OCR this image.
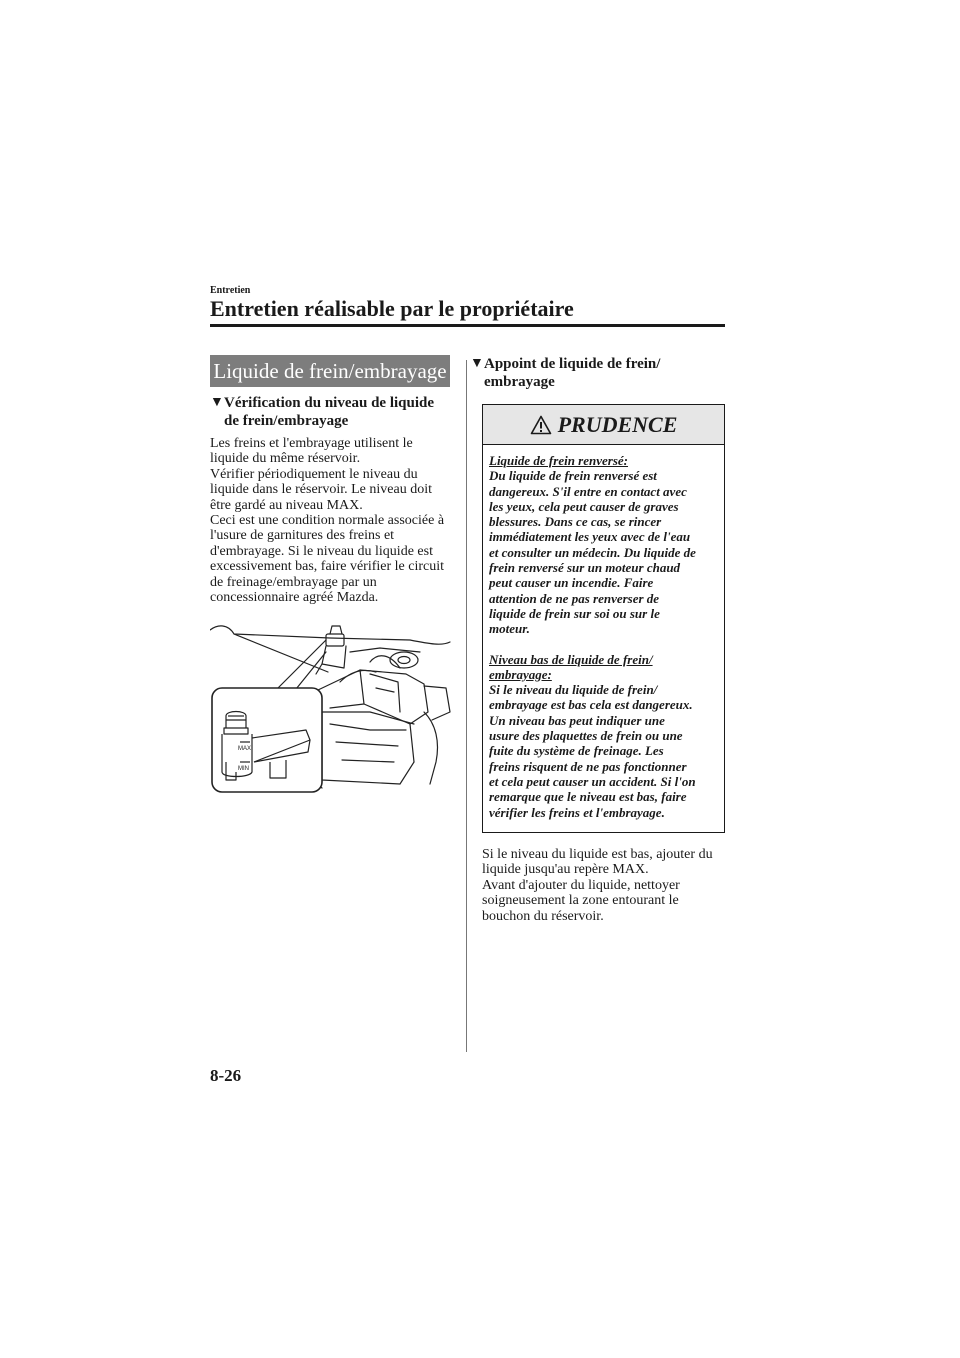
Entretien
Entretien réalisable par le propriétaire
Liquide de frein/embrayage
▼ Vérification du niveau de liquide
de frein/embrayage

Les freins et l'embrayage utilisent le

liquide du même réservoir.

Vérifier périodiquement le niveau du

liquide dans le réservoir. Le niveau doit

être gardé au niveau MAX.

Ceci est une condition normale associée à

l'usure de garnitures des freins et

d'embrayage. Si le niveau du liquide est

excessivement bas, faire vérifier le circuit

de freinage/embrayage par un

concessionnaire agréé Mazda.

MAX
MIN
▼ Appoint de liquide de frein/
embrayage
PRUDENCE

Liquide de frein renversé:

Du liquide de frein renversé est

dangereux. S'il entre en contact avec

les yeux, cela peut causer de graves

blessures. Dans ce cas, se rincer

immédiatement les yeux avec de l'eau

et consulter un médecin. Du liquide de

frein renversé sur un moteur chaud

peut causer un incendie. Faire

attention de ne pas renverser de

liquide de frein sur soi ou sur le

moteur.

Niveau bas de liquide de frein/

embrayage:

Si le niveau du liquide de frein/

embrayage est bas cela est dangereux.

Un niveau bas peut indiquer une

usure des plaquettes de frein ou une

fuite du système de freinage. Les

freins risquent de ne pas fonctionner

et cela peut causer un accident. Si l'on

remarque que le niveau est bas, faire

vérifier les freins et l'embrayage.

Si le niveau du liquide est bas, ajouter du

liquide jusqu'au repère MAX.

Avant d'ajouter du liquide, nettoyer

soigneusement la zone entourant le

bouchon du réservoir.

8-26
